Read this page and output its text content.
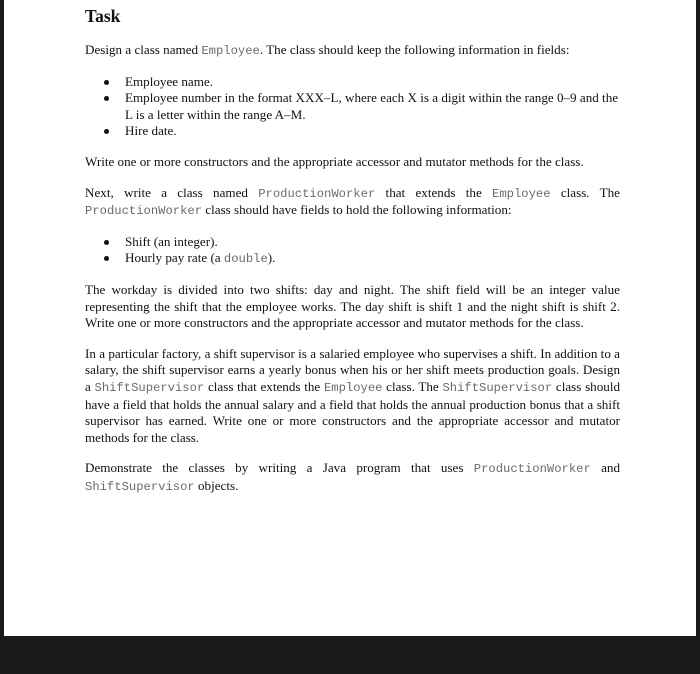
Task

Design a class named Employee. The class should keep the following information in fields:

Employee name.
Employee number in the format XXX–L, where each X is a digit within the range 0–9 and the L is a letter within the range A–M.
Hire date.

Write one or more constructors and the appropriate accessor and mutator methods for the class.

Next, write a class named ProductionWorker that extends the Employee class. The ProductionWorker class should have fields to hold the following information:

Shift (an integer).
Hourly pay rate (a double).

The workday is divided into two shifts: day and night. The shift field will be an integer value representing the shift that the employee works. The day shift is shift 1 and the night shift is shift 2. Write one or more constructors and the appropriate accessor and mutator methods for the class.

In a particular factory, a shift supervisor is a salaried employee who supervises a shift. In addition to a salary, the shift supervisor earns a yearly bonus when his or her shift meets production goals. Design a ShiftSupervisor class that extends the Employee class. The ShiftSupervisor class should have a field that holds the annual salary and a field that holds the annual production bonus that a shift supervisor has earned. Write one or more constructors and the appropriate accessor and mutator methods for the class.

Demonstrate the classes by writing a Java program that uses ProductionWorker and ShiftSupervisor objects.
